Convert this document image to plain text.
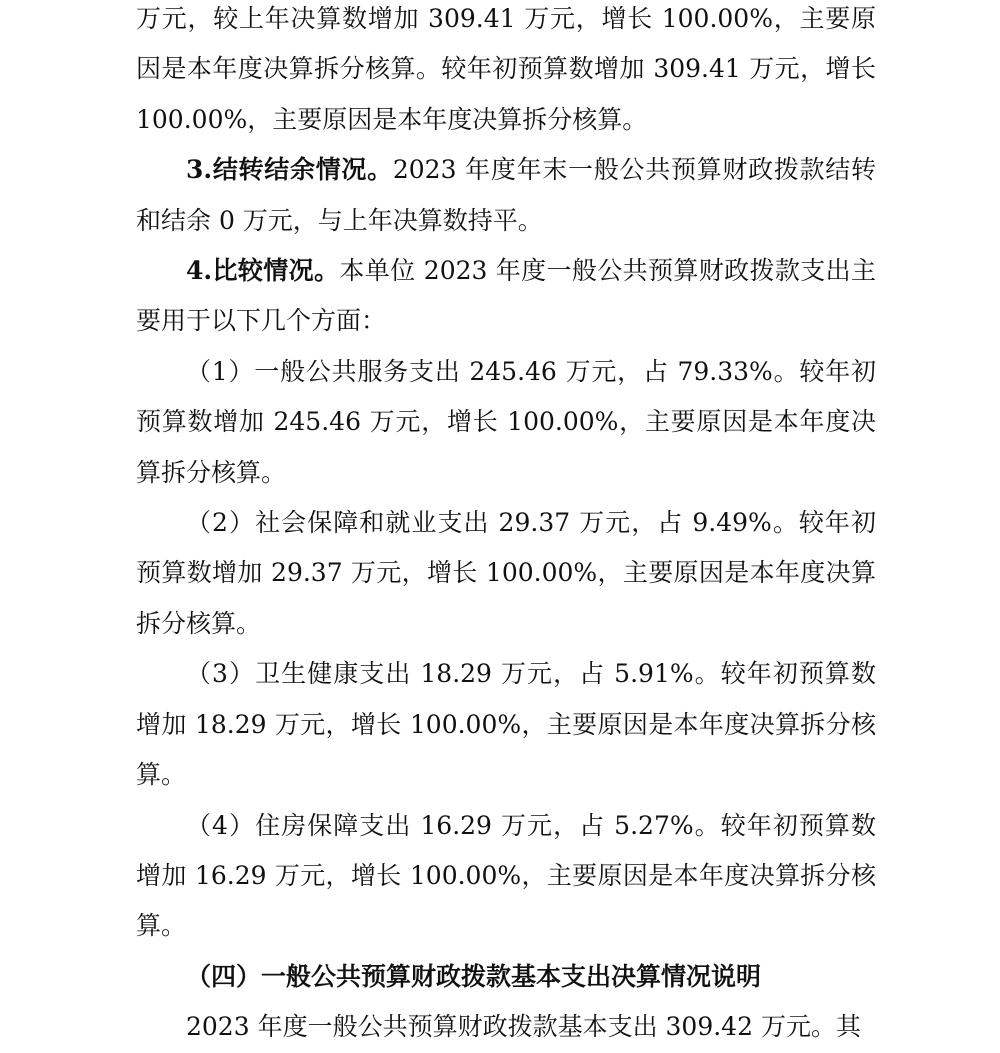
万元，较上年决算数增加 309.41 万元，增长 100.00%，主要原因是本年度决算拆分核算。较年初预算数增加 309.41 万元，增长 100.00%，主要原因是本年度决算拆分核算。

3.结转结余情况。2023 年度年末一般公共预算财政拨款结转和结余 0 万元，与上年决算数持平。

4.比较情况。本单位 2023 年度一般公共预算财政拨款支出主要用于以下几个方面：

（1）一般公共服务支出 245.46 万元，占 79.33%。较年初预算数增加 245.46 万元，增长 100.00%，主要原因是本年度决算拆分核算。

（2）社会保障和就业支出 29.37 万元，占 9.49%。较年初预算数增加 29.37 万元，增长 100.00%，主要原因是本年度决算拆分核算。

（3）卫生健康支出 18.29 万元，占 5.91%。较年初预算数增加 18.29 万元，增长 100.00%，主要原因是本年度决算拆分核算。

（4）住房保障支出 16.29 万元，占 5.27%。较年初预算数增加 16.29 万元，增长 100.00%，主要原因是本年度决算拆分核算。

（四）一般公共预算财政拨款基本支出决算情况说明

2023 年度一般公共预算财政拨款基本支出 309.42 万元。其
